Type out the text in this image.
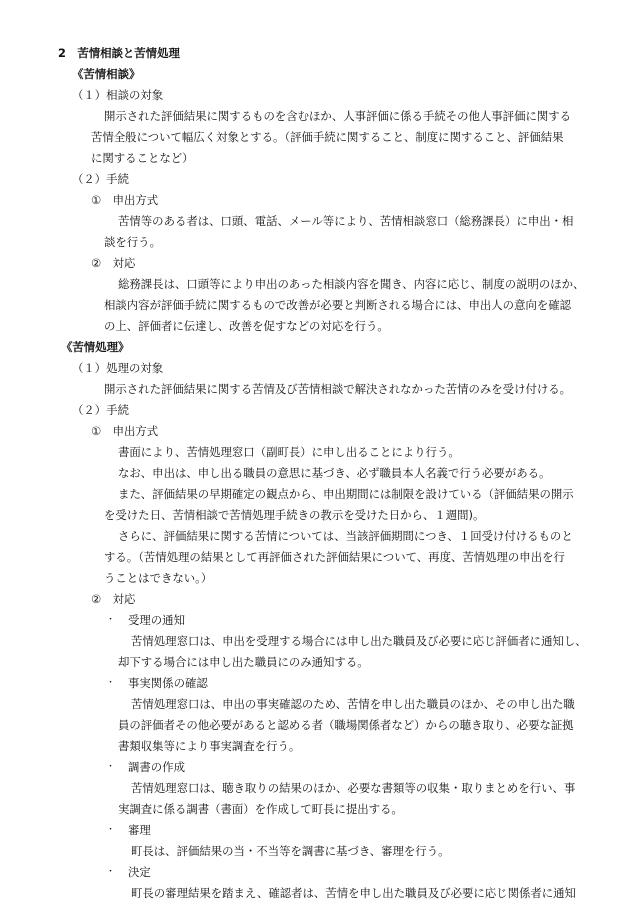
2　苦情相談と苦情処理
《苦情相談》
（１）相談の対象
開示された評価結果に関するものを含むほか、人事評価に係る手続その他人事評価に関する
苦情全般について幅広く対象とする。（評価手続に関すること、制度に関すること、評価結果
に関することなど）
（２）手続
①　申出方式
苦情等のある者は、口頭、電話、メール等により、苦情相談窓口（総務課長）に申出・相
談を行う。
②　対応
総務課長は、口頭等により申出のあった相談内容を聞き、内容に応じ、制度の説明のほか、
相談内容が評価手続に関するもので改善が必要と判断される場合には、申出人の意向を確認
の上、評価者に伝達し、改善を促すなどの対応を行う。
《苦情処理》
（１）処理の対象
開示された評価結果に関する苦情及び苦情相談で解決されなかった苦情のみを受け付ける。
（２）手続
①　申出方式
書面により、苦情処理窓口（副町長）に申し出ることにより行う。
なお、申出は、申し出る職員の意思に基づき、必ず職員本人名義で行う必要がある。
また、評価結果の早期確定の観点から、申出期間には制限を設けている（評価結果の開示
を受けた日、苦情相談で苦情処理手続きの教示を受けた日から、１週間)。
さらに、評価結果に関する苦情については、当該評価期間につき、１回受け付けるものと
する。（苦情処理の結果として再評価された評価結果について、再度、苦情処理の申出を行
うことはできない。）
②　対応
・ 受理の通知
苦情処理窓口は、申出を受理する場合には申し出た職員及び必要に応じ評価者に通知し、
却下する場合には申し出た職員にのみ通知する。
・ 事実関係の確認
苦情処理窓口は、申出の事実確認のため、苦情を申し出た職員のほか、その申し出た職
員の評価者その他必要があると認める者（職場関係者など）からの聴き取り、必要な証拠
書類収集等により事実調査を行う。
・ 調書の作成
苦情処理窓口は、聴き取りの結果のほか、必要な書類等の収集・取りまとめを行い、事
実調査に係る調書（書面）を作成して町長に提出する。
・ 審理
町長は、評価結果の当・不当等を調書に基づき、審理を行う。
・ 決定
町長の審理結果を踏まえ、確認者は、苦情を申し出た職員及び必要に応じ関係者に通知
